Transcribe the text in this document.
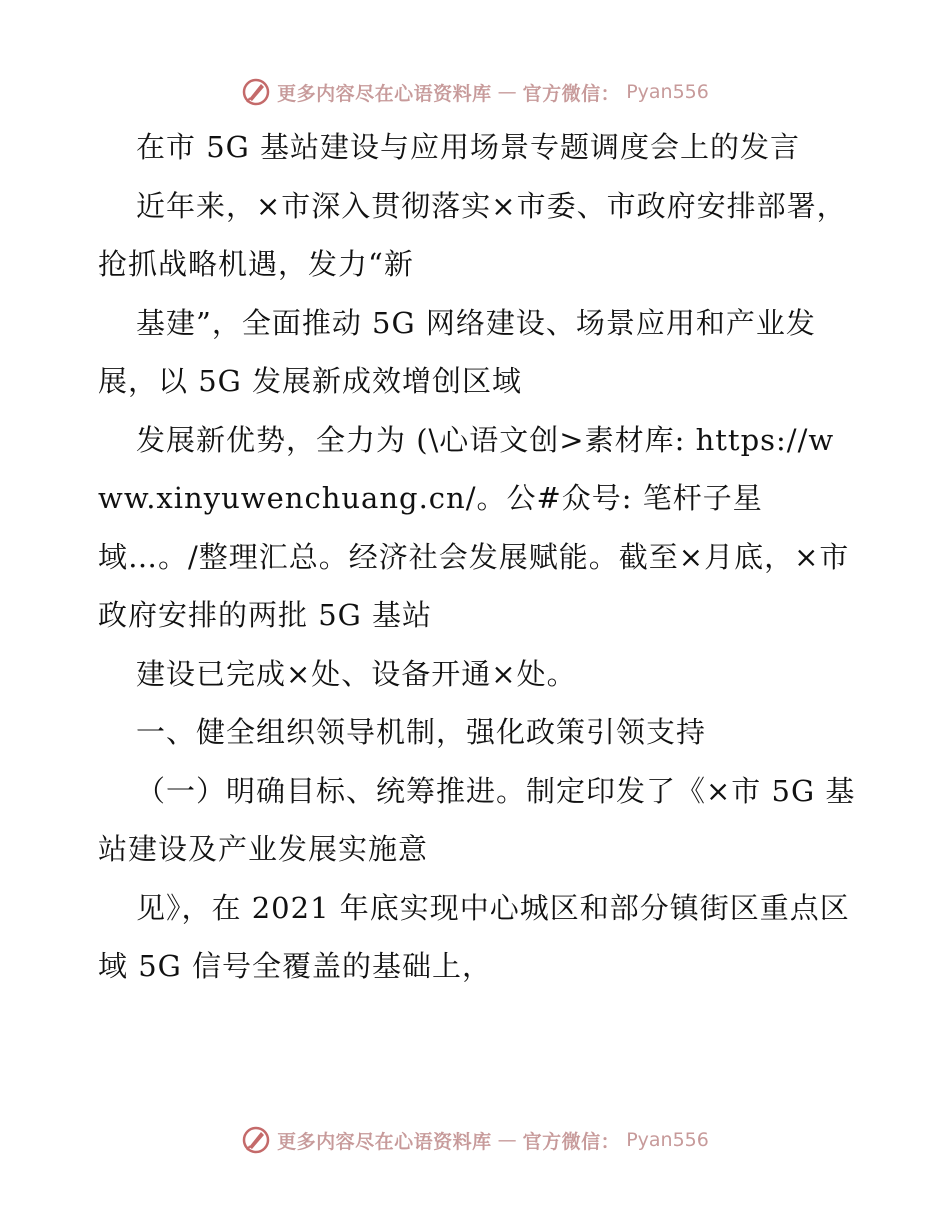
更多内容尽在心语资料库 — 官方微信： Pyan556

在市 5G 基站建设与应用场景专题调度会上的发言

近年来，×市深入贯彻落实×市委、市政府安排部署，抢抓战略机遇，发力“新

基建”，全面推动 5G 网络建设、场景应用和产业发展，以 5G 发展新成效增创区域

发展新优势，全力为 (\心语文创>素材库: https://www.xinyuwenchuang.cn/。公#众号: 笔杆子星域…。/整理汇总。经济社会发展赋能。截至×月底，×市政府安排的两批 5G 基站

建设已完成×处、设备开通×处。

一、健全组织领导机制，强化政策引领支持

（一）明确目标、统筹推进。制定印发了《×市 5G 基站建设及产业发展实施意

见》，在 2021 年底实现中心城区和部分镇街区重点区域 5G 信号全覆盖的基础上，

更多内容尽在心语资料库 — 官方微信： Pyan556
